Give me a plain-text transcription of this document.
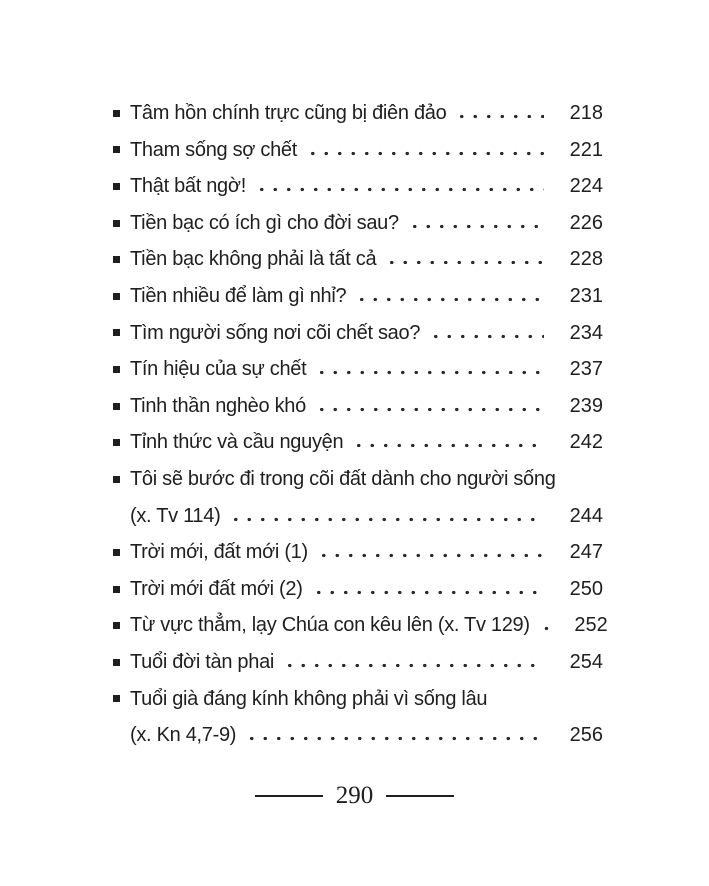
Tâm hồn chính trực cũng bị điên đảo	218
Tham sống sợ chết	221
Thật bất ngờ!	224
Tiền bạc có ích gì cho đời sau?	226
Tiền bạc không phải là tất cả	228
Tiền nhiều để làm gì nhỉ?	231
Tìm người sống nơi cõi chết sao?	234
Tín hiệu của sự chết	237
Tinh thần nghèo khó	239
Tỉnh thức và cầu nguyện	242
Tôi sẽ bước đi trong cõi đất dành cho người sống
(x. Tv 114)	244
Trời mới, đất mới (1)	247
Trời mới đất mới (2)	250
Từ vực thẳm, lạy Chúa con kêu lên (x. Tv 129)	252
Tuổi đời tàn phai	254
Tuổi già đáng kính không phải vì sống lâu
(x. Kn 4,7-9)	256
290
